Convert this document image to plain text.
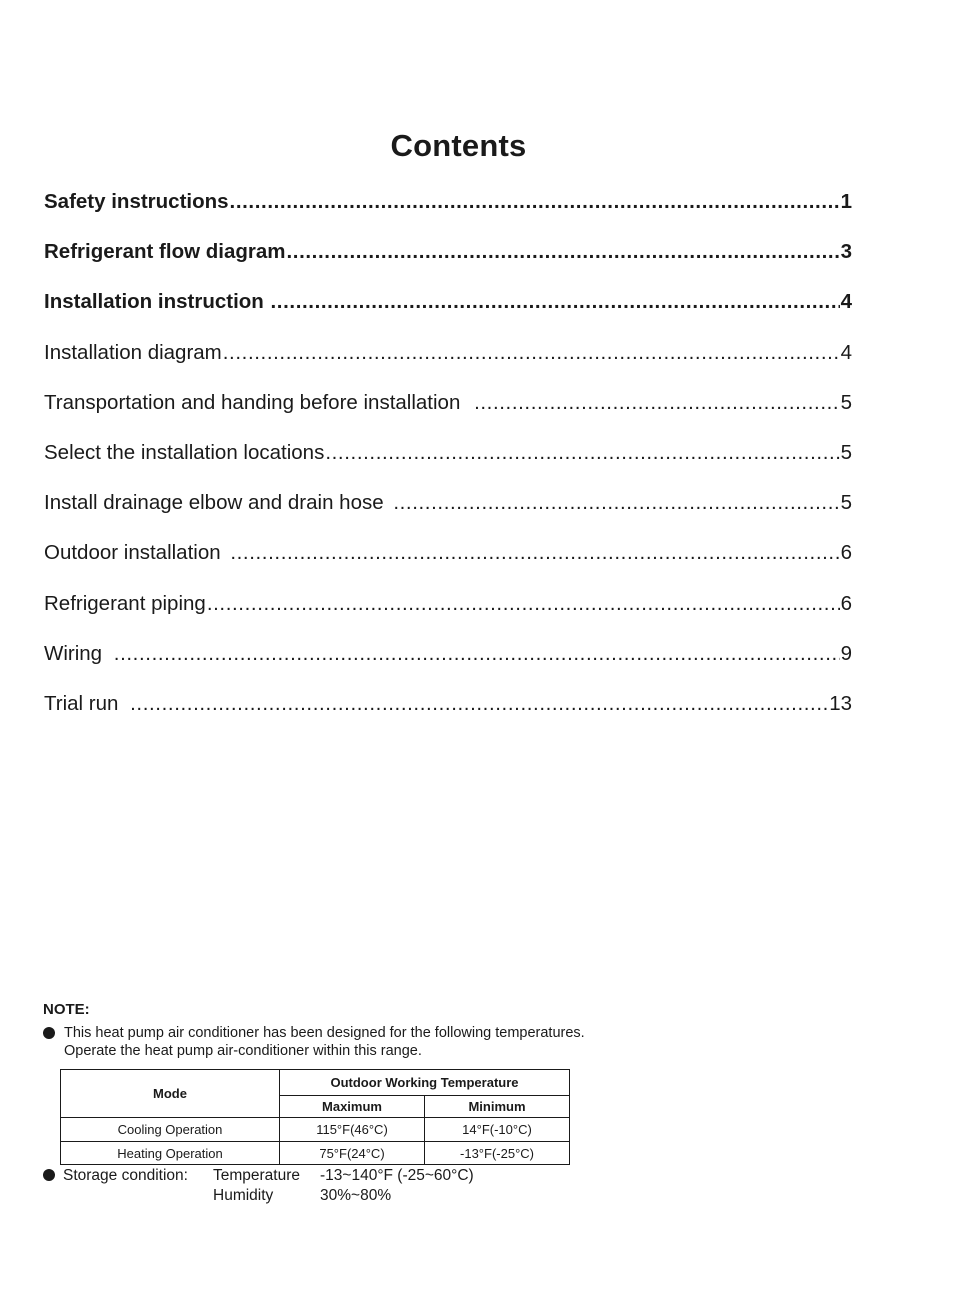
Contents
Safety instructions .....	1
Refrigerant flow diagram .....	3
Installation instruction .....	4
Installation diagram .....	4
Transportation and handing before installation .....	5
Select the installation locations .....	5
Install drainage elbow and drain hose .....	5
Outdoor installation .....	6
Refrigerant piping .....	6
Wiring .....	9
Trial run .....	13
NOTE:
This heat pump air conditioner has been designed for the following temperatures.
Operate the heat pump air-conditioner within this range.
Mode	Outdoor Working Temperature	
	Maximum	Minimum
Cooling Operation	115°F(46°C)	14°F(-10°C)
Heating Operation	75°F(24°C)	-13°F(-25°C)
Storage condition:	Temperature	-13~140°F (-25~60°C)
Humidity	30%~80%
